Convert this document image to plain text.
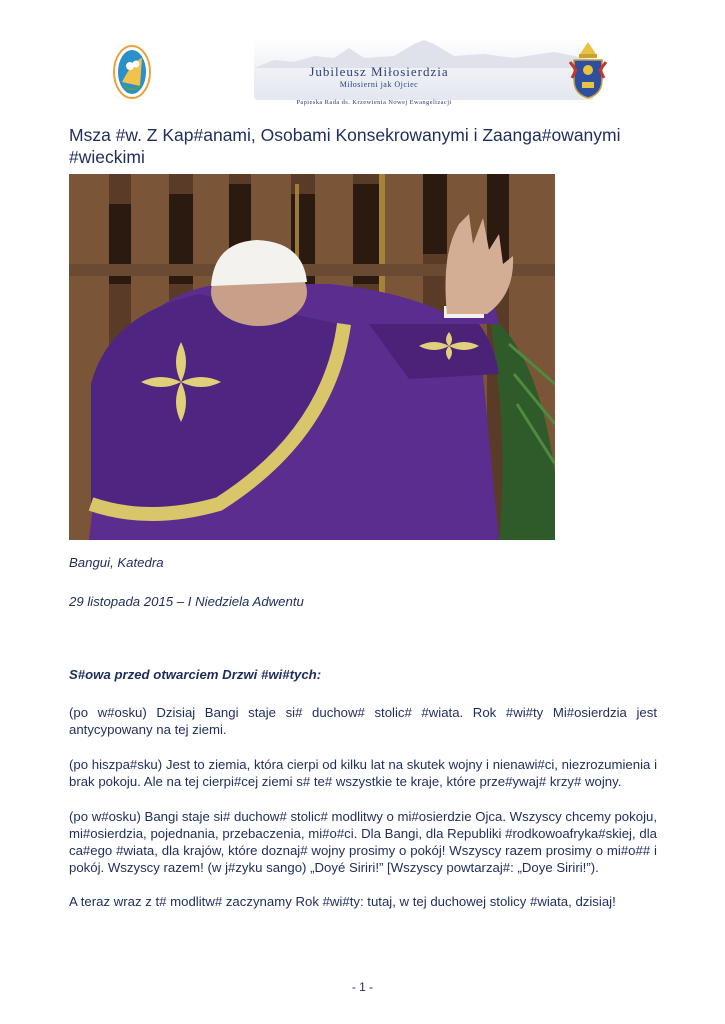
Jubileusz Miłosierdzia
Miłosierni jak Ojciec
Papieska Rada ds. Krzewienia Nowej Ewangelizacji
Msza #w. Z Kap#anami, Osobami Konsekrowanymi i Zaanga#owanymi #wieckimi

Bangui, Katedra

29 listopada 2015 – I Niedziela Adwentu

S#owa przed otwarciem Drzwi #wi#tych:

(po w#osku) Dzisiaj Bangi staje si# duchow# stolic# #wiata. Rok #wi#ty Mi#osierdzia jest antycypowany na tej ziemi.

(po hiszpa#sku) Jest to ziemia, która cierpi od kilku lat na skutek wojny i nienawi#ci, niezrozumienia i brak pokoju. Ale na tej cierpi#cej ziemi s# te# wszystkie te kraje, które prze#ywaj# krzy# wojny.

(po w#osku) Bangi staje si# duchow# stolic# modlitwy o mi#osierdzie Ojca. Wszyscy chcemy pokoju, mi#osierdzia, pojednania, przebaczenia, mi#o#ci. Dla Bangi, dla Republiki #rodkowoafryka#skiej, dla ca#ego #wiata, dla krajów, które doznaj# wojny prosimy o pokój! Wszyscy razem prosimy o mi#o## i pokój. Wszyscy razem! (w j#zyku sango) „Doyé Siriri!” [Wszyscy powtarzaj#: „Doye Siriri!”).

A teraz wraz z t# modlitw# zaczynamy Rok #wi#ty: tutaj, w tej duchowej stolicy #wiata, dzisiaj!

- 1 -
